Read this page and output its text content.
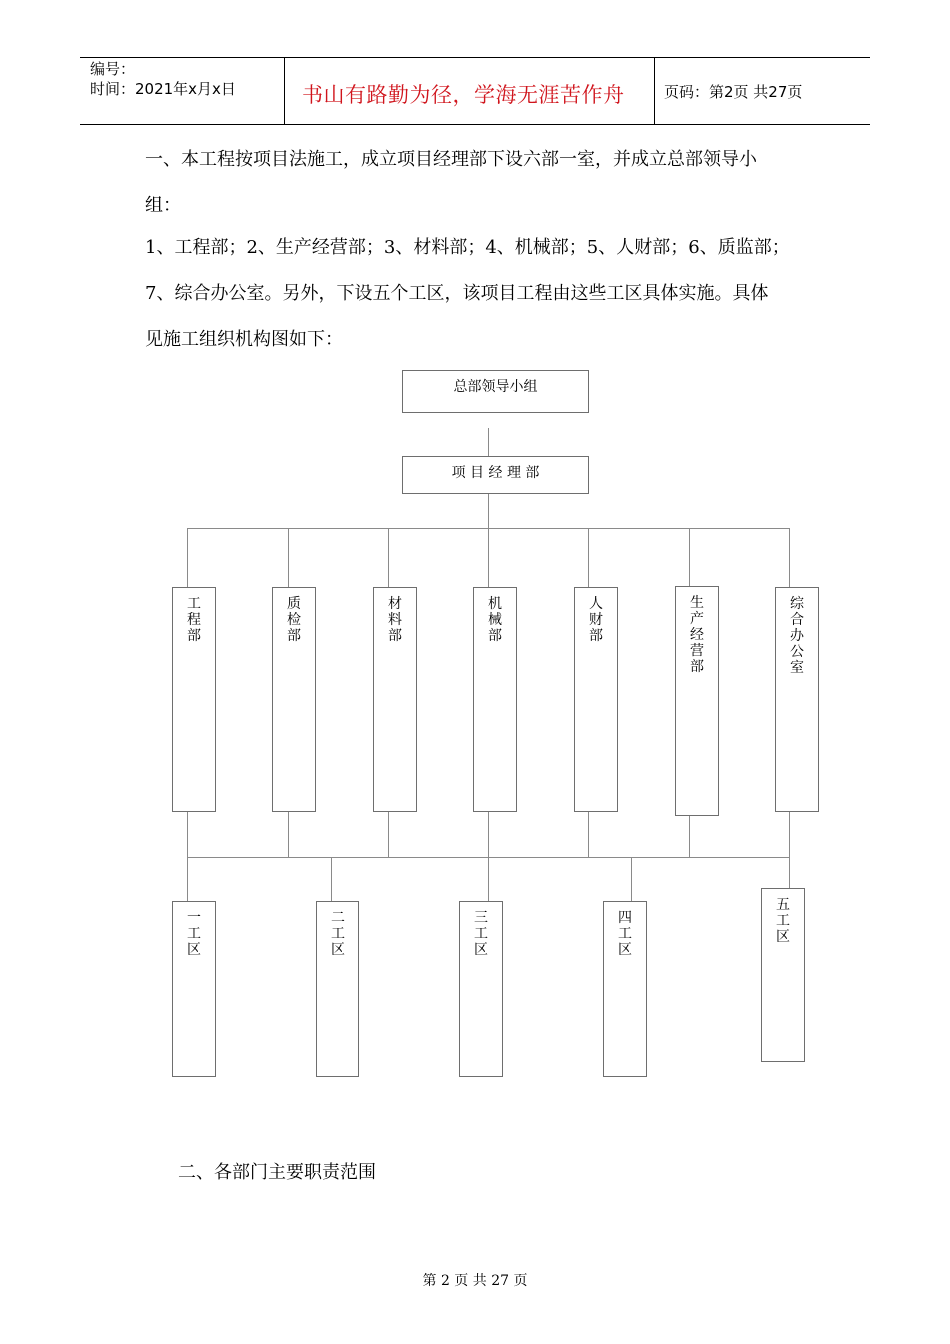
编号：
时间：2021年x月x日	书山有路勤为径，学海无涯苦作舟	页码：第2页 共27页
一、本工程按项目法施工，成立项目经理部下设六部一室，并成立总部领导小
组：
1、工程部；2、生产经营部；3、材料部；4、机械部；5、人财部；6、质监部；
7、综合办公室。另外，下设五个工区，该项目工程由这些工区具体实施。具体
见施工组织机构图如下：
总部领导小组
项 目 经 理 部
工程部
质检部
材料部
机械部
人财部
生产经营部
综合办公室
一工区
二工区
三工区
四工区
五工区
二、各部门主要职责范围
第 2 页 共 27 页
